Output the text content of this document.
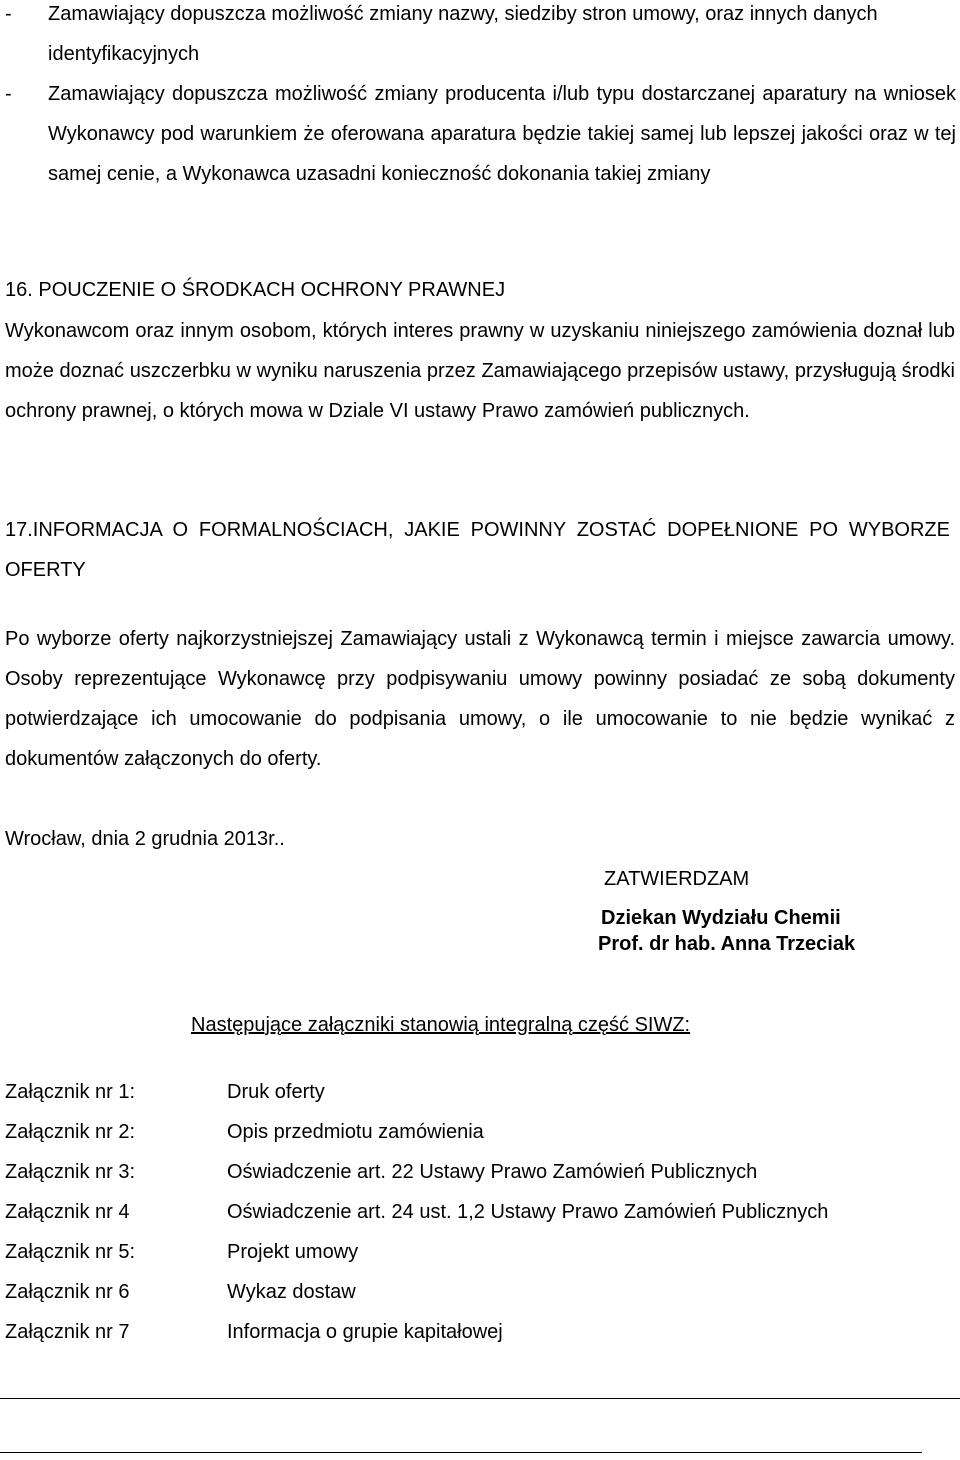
- Zamawiający dopuszcza możliwość zmiany nazwy, siedziby stron umowy, oraz innych danych identyfikacyjnych
- Zamawiający dopuszcza możliwość zmiany producenta i/lub typu dostarczanej aparatury na wniosek Wykonawcy pod warunkiem że oferowana aparatura będzie takiej samej lub lepszej jakości oraz w tej samej cenie, a Wykonawca uzasadni konieczność dokonania takiej zmiany
16. POUCZENIE O ŚRODKACH OCHRONY PRAWNEJ
Wykonawcom oraz innym osobom, których interes prawny w uzyskaniu niniejszego zamówienia doznał lub może doznać uszczerbku w wyniku naruszenia przez Zamawiającego przepisów ustawy, przysługują środki ochrony prawnej, o których mowa w Dziale VI ustawy Prawo zamówień publicznych.
17.INFORMACJA O FORMALNOŚCIACH, JAKIE POWINNY ZOSTAĆ DOPEŁNIONE PO WYBORZE OFERTY
Po wyborze oferty najkorzystniejszej Zamawiający ustali z Wykonawcą termin i miejsce zawarcia umowy. Osoby reprezentujące Wykonawcę przy podpisywaniu umowy powinny posiadać ze sobą dokumenty potwierdzające ich umocowanie do podpisania umowy, o ile umocowanie to nie będzie wynikać z dokumentów załączonych do oferty.
Wrocław, dnia 2 grudnia 2013r..
ZATWIERDZAM
Dziekan Wydziału Chemii
Prof. dr hab. Anna Trzeciak
Następujące załączniki stanowią integralną część SIWZ:
Załącznik nr 1:	Druk oferty
Załącznik nr 2:	Opis przedmiotu zamówienia
Załącznik nr 3:	Oświadczenie art. 22 Ustawy Prawo Zamówień Publicznych
Załącznik nr 4	Oświadczenie art. 24 ust. 1,2 Ustawy Prawo Zamówień Publicznych
Załącznik nr 5:	Projekt umowy
Załącznik nr 6	Wykaz dostaw
Załącznik nr 7	Informacja o grupie kapitałowej
